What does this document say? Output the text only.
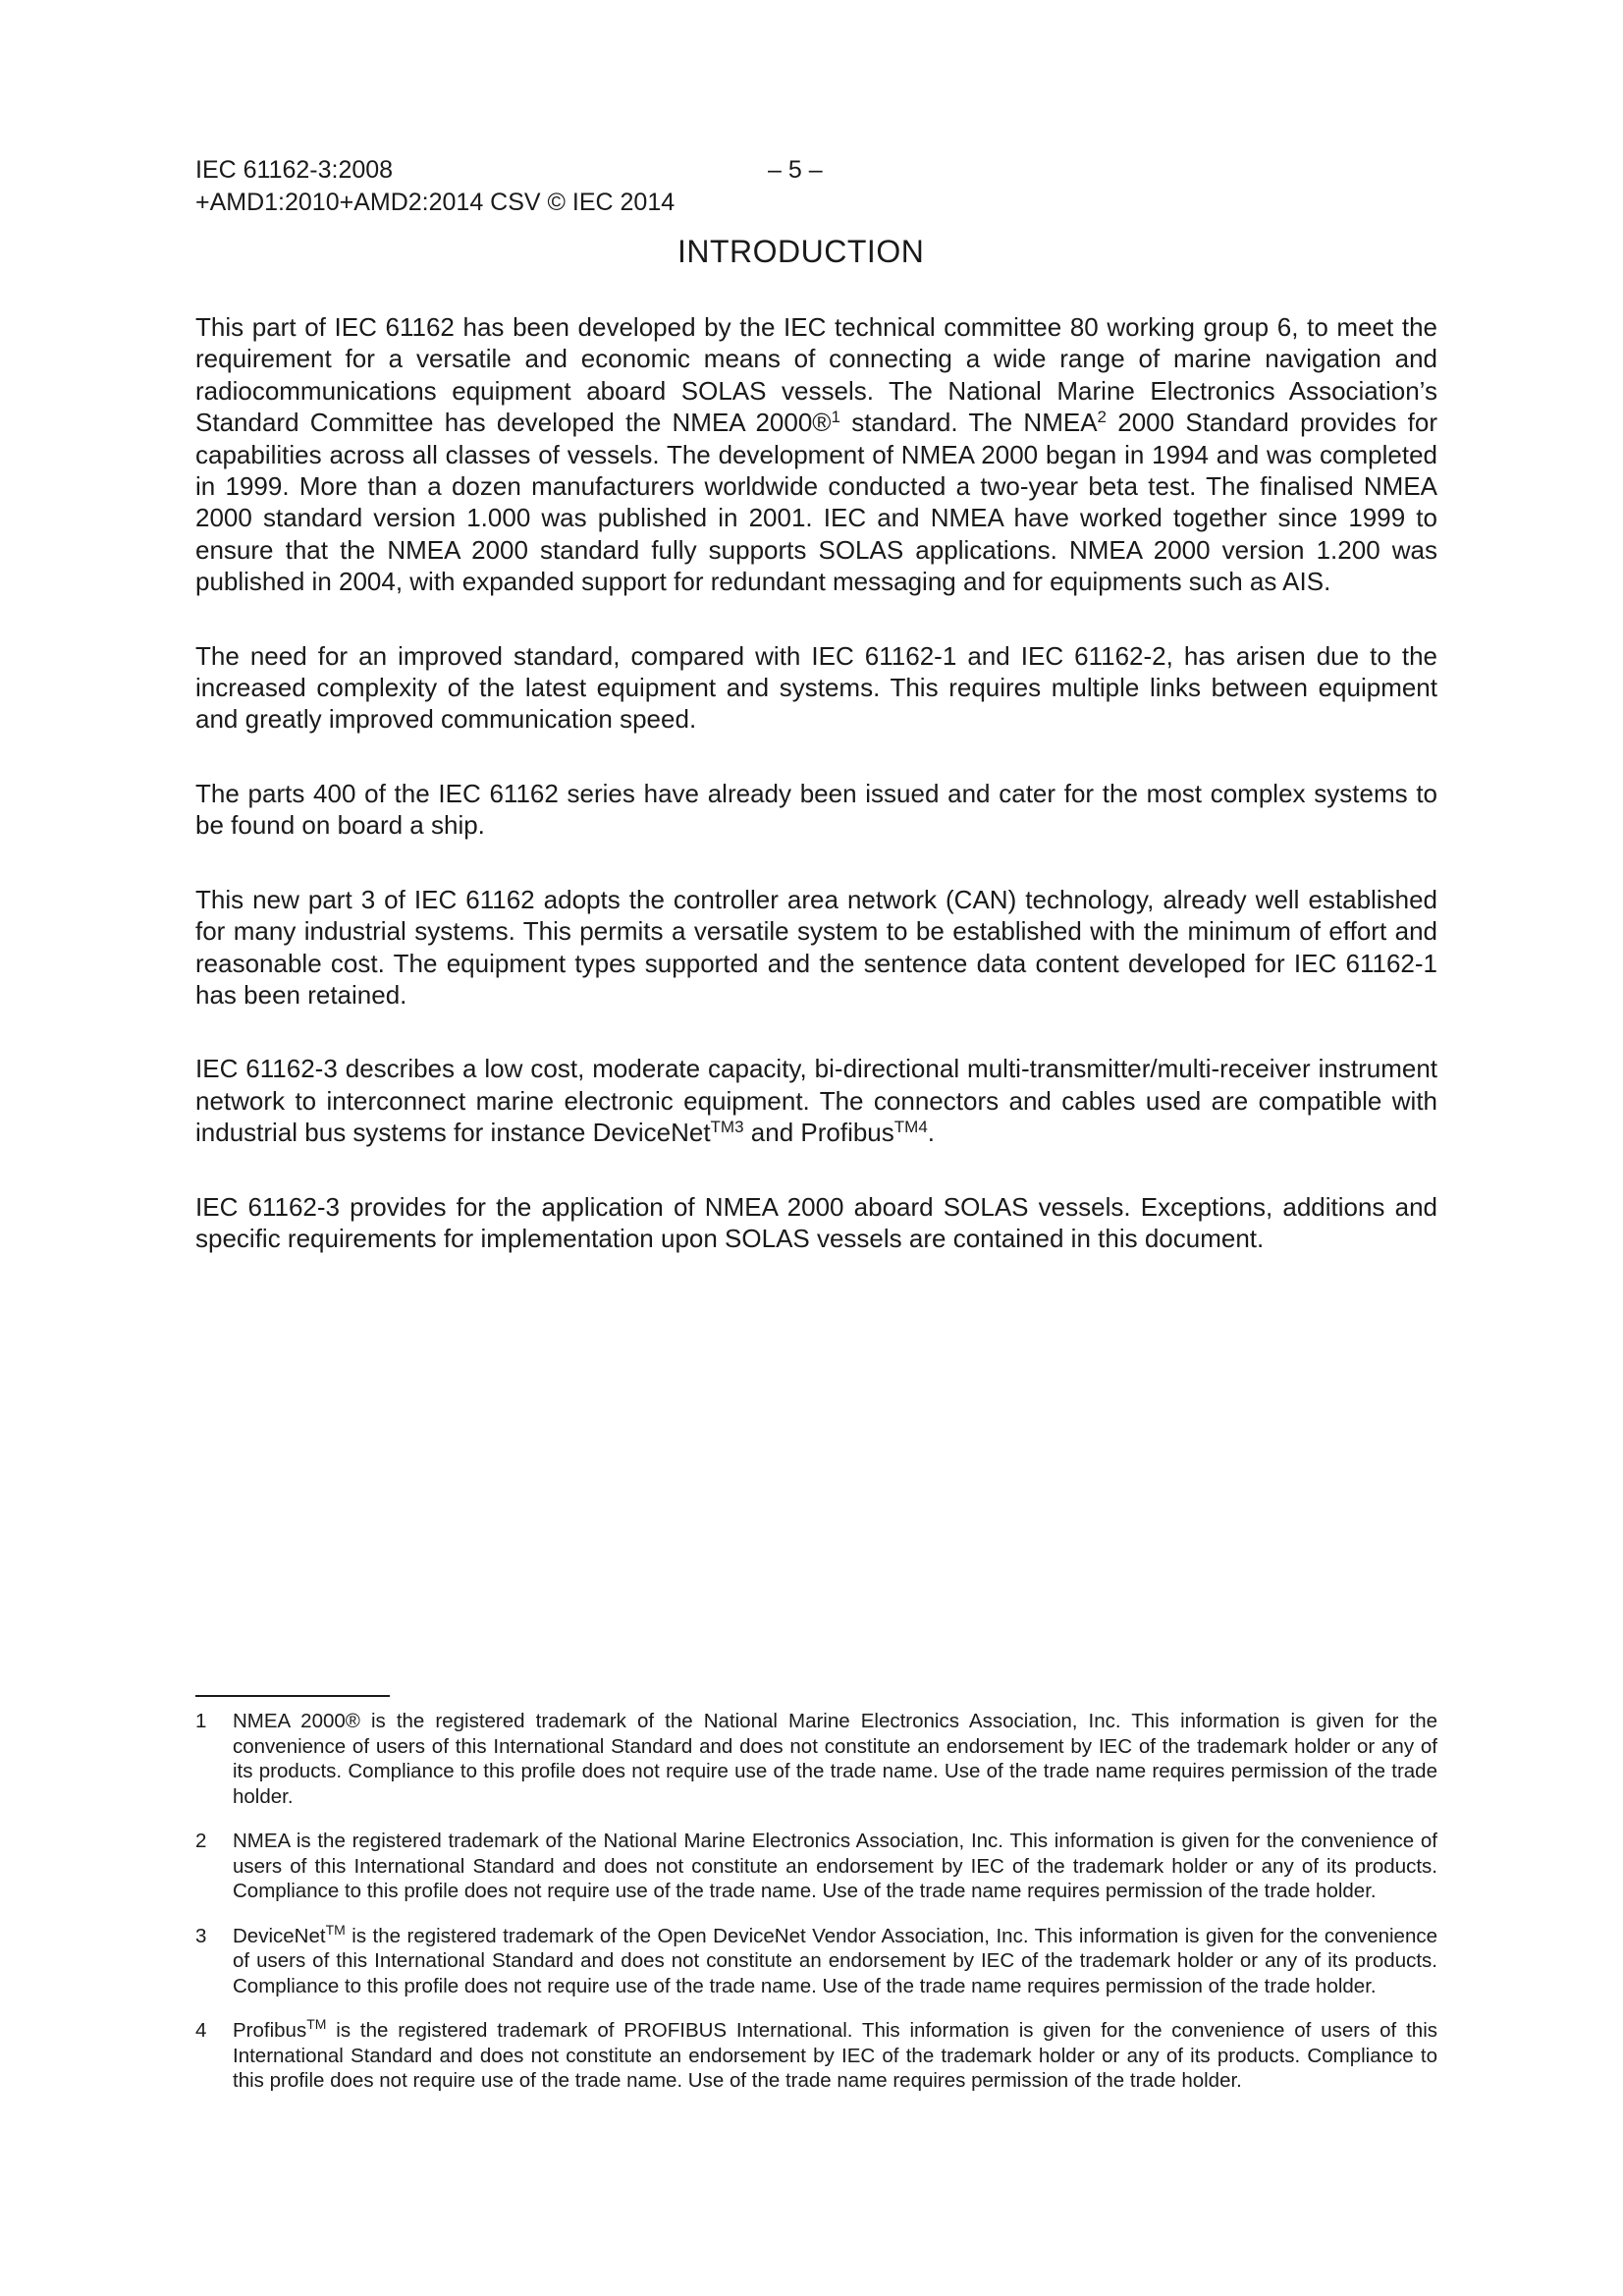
IEC 61162-3:2008
+AMD1:2010+AMD2:2014 CSV © IEC 2014
– 5 –
INTRODUCTION

This part of IEC 61162 has been developed by the IEC technical committee 80 working group 6, to meet the requirement for a versatile and economic means of connecting a wide range of marine navigation and radiocommunications equipment aboard SOLAS vessels. The National Marine Electronics Association’s Standard Committee has developed the NMEA 2000®$^1$ standard. The NMEA$^2$ 2000 Standard provides for capabilities across all classes of vessels. The development of NMEA 2000 began in 1994 and was completed in 1999. More than a dozen manufacturers worldwide conducted a two-year beta test. The finalised NMEA 2000 standard version 1.000 was published in 2001. IEC and NMEA have worked together since 1999 to ensure that the NMEA 2000 standard fully supports SOLAS applications. NMEA 2000 version 1.200 was published in 2004, with expanded support for redundant messaging and for equipments such as AIS.

The need for an improved standard, compared with IEC 61162-1 and IEC 61162-2, has arisen due to the increased complexity of the latest equipment and systems. This requires multiple links between equipment and greatly improved communication speed.

The parts 400 of the IEC 61162 series have already been issued and cater for the most complex systems to be found on board a ship.

This new part 3 of IEC 61162 adopts the controller area network (CAN) technology, already well established for many industrial systems. This permits a versatile system to be established with the minimum of effort and reasonable cost. The equipment types supported and the sentence data content developed for IEC 61162-1 has been retained.

IEC 61162-3 describes a low cost, moderate capacity, bi-directional multi-transmitter/multi-receiver instrument network to interconnect marine electronic equipment. The connectors and cables used are compatible with industrial bus systems for instance DeviceNet$^{TM3}$ and Profibus$^{TM4}$.

IEC 61162-3 provides for the application of NMEA 2000 aboard SOLAS vessels. Exceptions, additions and specific requirements for implementation upon SOLAS vessels are contained in this document.

1	NMEA 2000® is the registered trademark of the National Marine Electronics Association, Inc. This information is given for the convenience of users of this International Standard and does not constitute an endorsement by IEC of the trademark holder or any of its products. Compliance to this profile does not require use of the trade name. Use of the trade name requires permission of the trade holder.
2	NMEA is the registered trademark of the National Marine Electronics Association, Inc. This information is given for the convenience of users of this International Standard and does not constitute an endorsement by IEC of the trademark holder or any of its products. Compliance to this profile does not require use of the trade name. Use of the trade name requires permission of the trade holder.
3	DeviceNet™ is the registered trademark of the Open DeviceNet Vendor Association, Inc. This information is given for the convenience of users of this International Standard and does not constitute an endorsement by IEC of the trademark holder or any of its products. Compliance to this profile does not require use of the trade name. Use of the trade name requires permission of the trade holder.
4	Profibus™ is the registered trademark of PROFIBUS International. This information is given for the convenience of users of this International Standard and does not constitute an endorsement by IEC of the trademark holder or any of its products. Compliance to this profile does not require use of the trade name. Use of the trade name requires permission of the trade holder.
